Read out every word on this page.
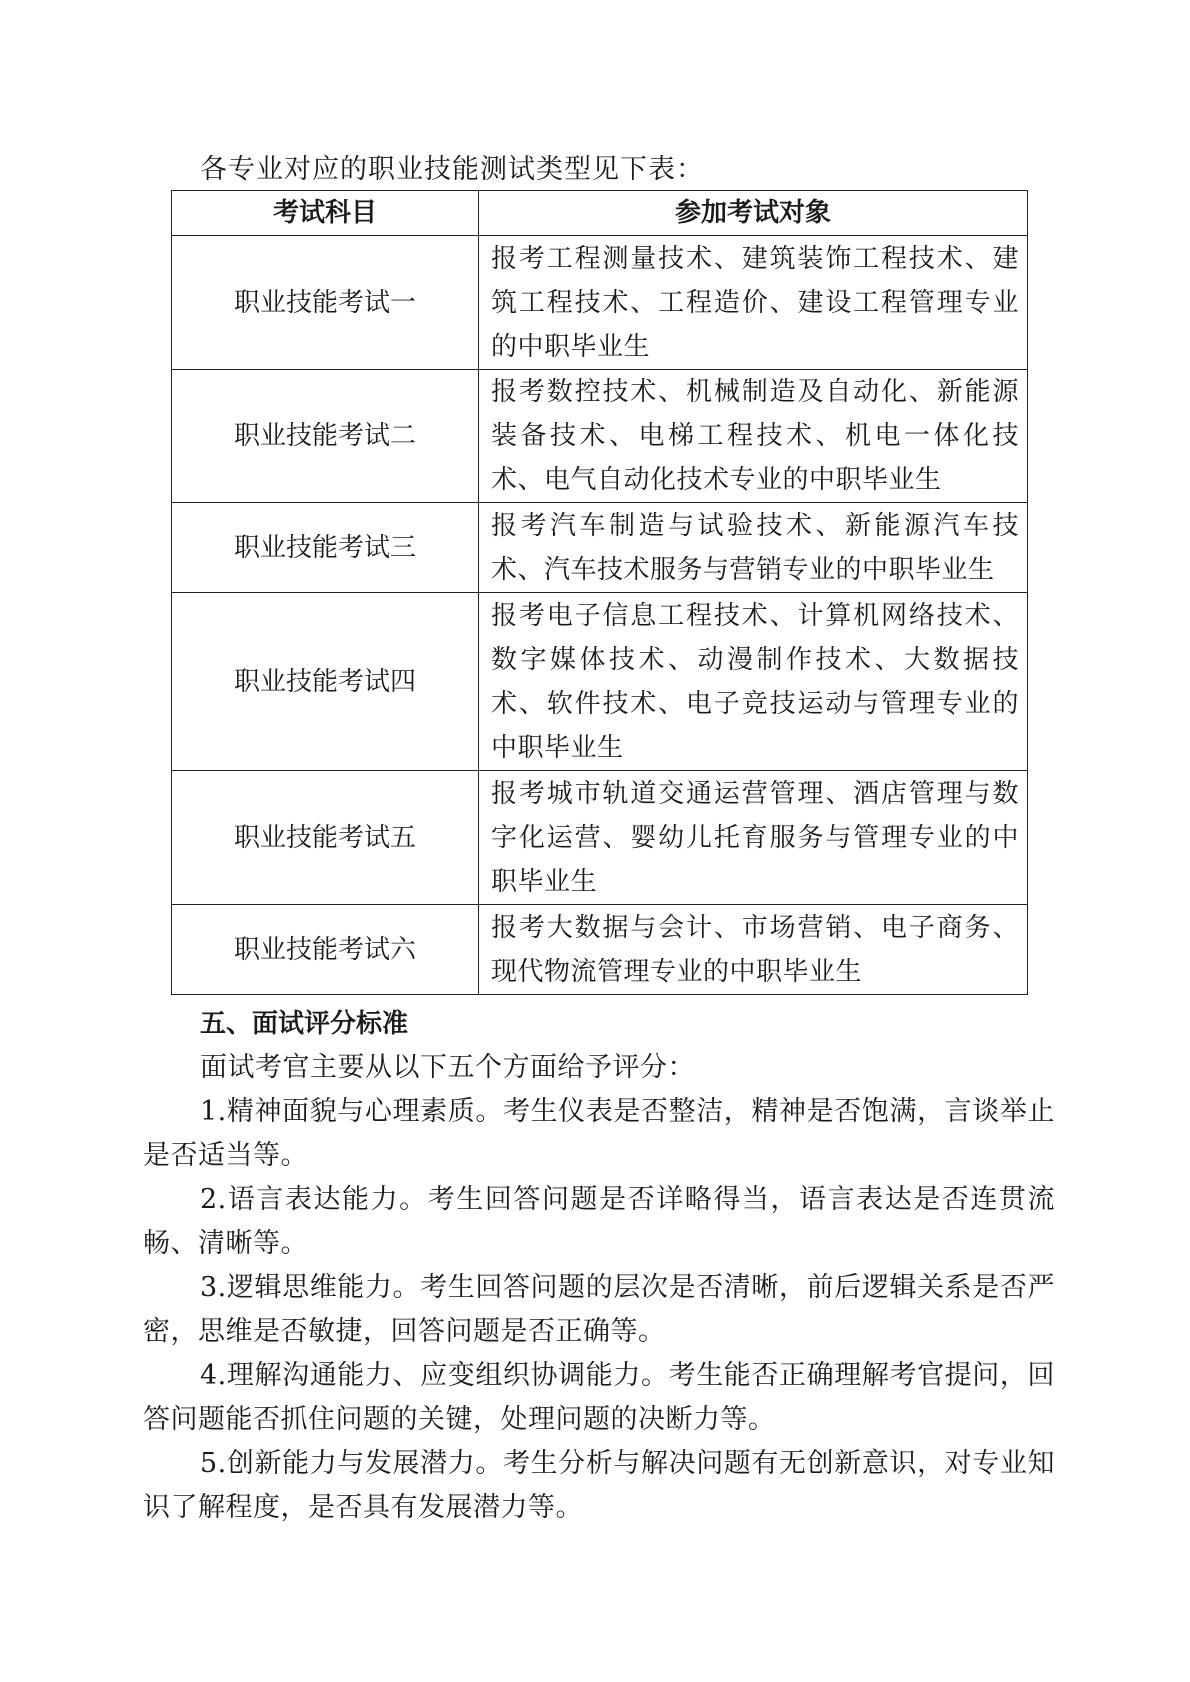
各专业对应的职业技能测试类型见下表：
考试科目	参加考试对象
职业技能考试一	报考工程测量技术、建筑装饰工程技术、建筑工程技术、工程造价、建设工程管理专业的中职毕业生
职业技能考试二	报考数控技术、机械制造及自动化、新能源装备技术、电梯工程技术、机电一体化技术、电气自动化技术专业的中职毕业生
职业技能考试三	报考汽车制造与试验技术、新能源汽车技术、汽车技术服务与营销专业的中职毕业生
职业技能考试四	报考电子信息工程技术、计算机网络技术、数字媒体技术、动漫制作技术、大数据技术、软件技术、电子竞技运动与管理专业的中职毕业生
职业技能考试五	报考城市轨道交通运营管理、酒店管理与数字化运营、婴幼儿托育服务与管理专业的中职毕业生
职业技能考试六	报考大数据与会计、市场营销、电子商务、现代物流管理专业的中职毕业生
五、面试评分标准

面试考官主要从以下五个方面给予评分：

1.精神面貌与心理素质。考生仪表是否整洁，精神是否饱满，言谈举止是否适当等。

2.语言表达能力。考生回答问题是否详略得当，语言表达是否连贯流畅、清晰等。

3.逻辑思维能力。考生回答问题的层次是否清晰，前后逻辑关系是否严密，思维是否敏捷，回答问题是否正确等。

4.理解沟通能力、应变组织协调能力。考生能否正确理解考官提问，回答问题能否抓住问题的关键，处理问题的决断力等。

5.创新能力与发展潜力。考生分析与解决问题有无创新意识，对专业知识了解程度，是否具有发展潜力等。
